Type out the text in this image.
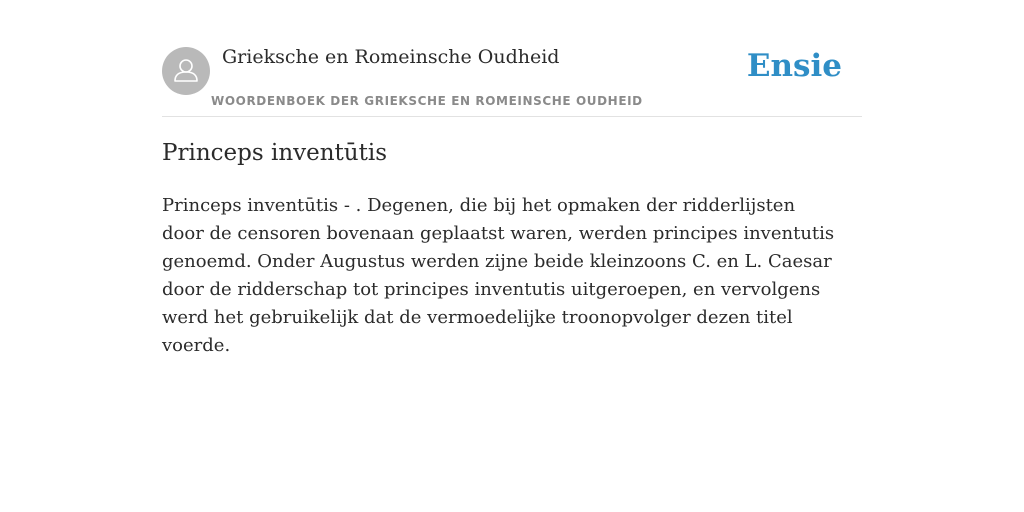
Grieksche en Romeinsche Oudheid
WOORDENBOEK DER GRIEKSCHE EN ROMEINSCHE OUDHEID
Ensie
Princeps inventūtis

Princeps inventūtis - . Degenen, die bij het opmaken der ridderlijsten door de censoren bovenaan geplaatst waren, werden principes inventutis genoemd. Onder Augustus werden zijne beide kleinzoons C. en L. Caesar door de ridderschap tot principes inventutis uitgeroepen, en vervolgens werd het gebruikelijk dat de vermoedelijke troonopvolger dezen titel voerde.
